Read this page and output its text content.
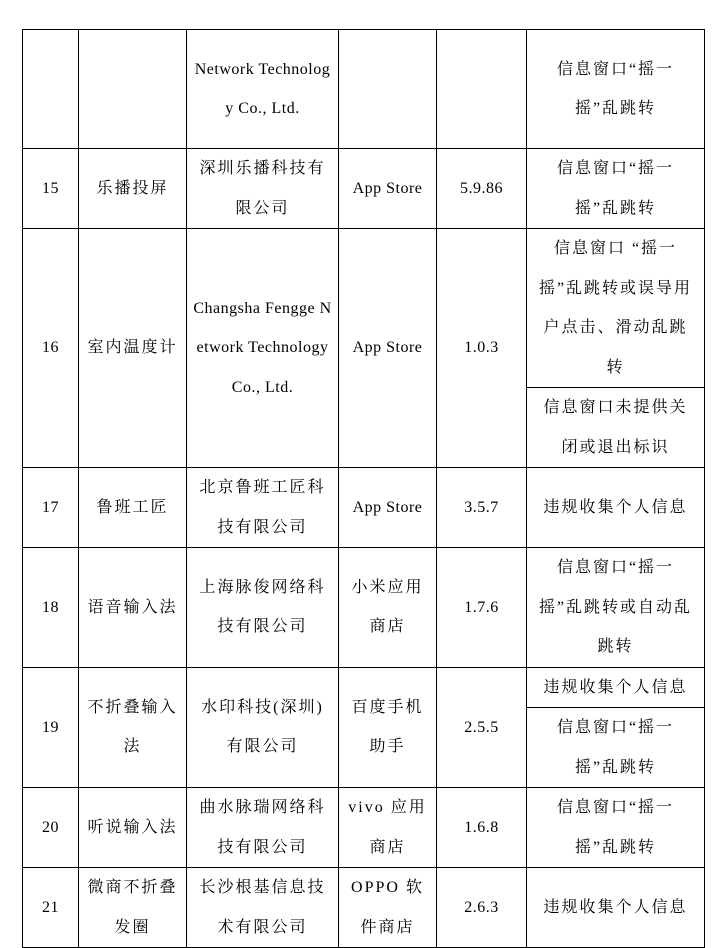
		Network Technology Co., Ltd.			信息窗口“摇一摇”乱跳转
15	乐播投屏	深圳乐播科技有限公司	App Store	5.9.86	信息窗口“摇一摇”乱跳转
16	室内温度计	Changsha Fengge Network Technology Co., Ltd.	App Store	1.0.3	信息窗口 “摇一摇”乱跳转或误导用户点击、滑动乱跳转
					信息窗口未提供关闭或退出标识
17	鲁班工匠	北京鲁班工匠科技有限公司	App Store	3.5.7	违规收集个人信息
18	语音输入法	上海脉俊网络科技有限公司	小米应用商店	1.7.6	信息窗口“摇一摇”乱跳转或自动乱跳转
19	不折叠输入法	水印科技(深圳)有限公司	百度手机助手	2.5.5	违规收集个人信息
					信息窗口“摇一摇”乱跳转
20	听说输入法	曲水脉瑞网络科技有限公司	vivo 应用商店	1.6.8	信息窗口“摇一摇”乱跳转
21	微商不折叠发圈	长沙根基信息技术有限公司	OPPO 软件商店	2.6.3	违规收集个人信息
